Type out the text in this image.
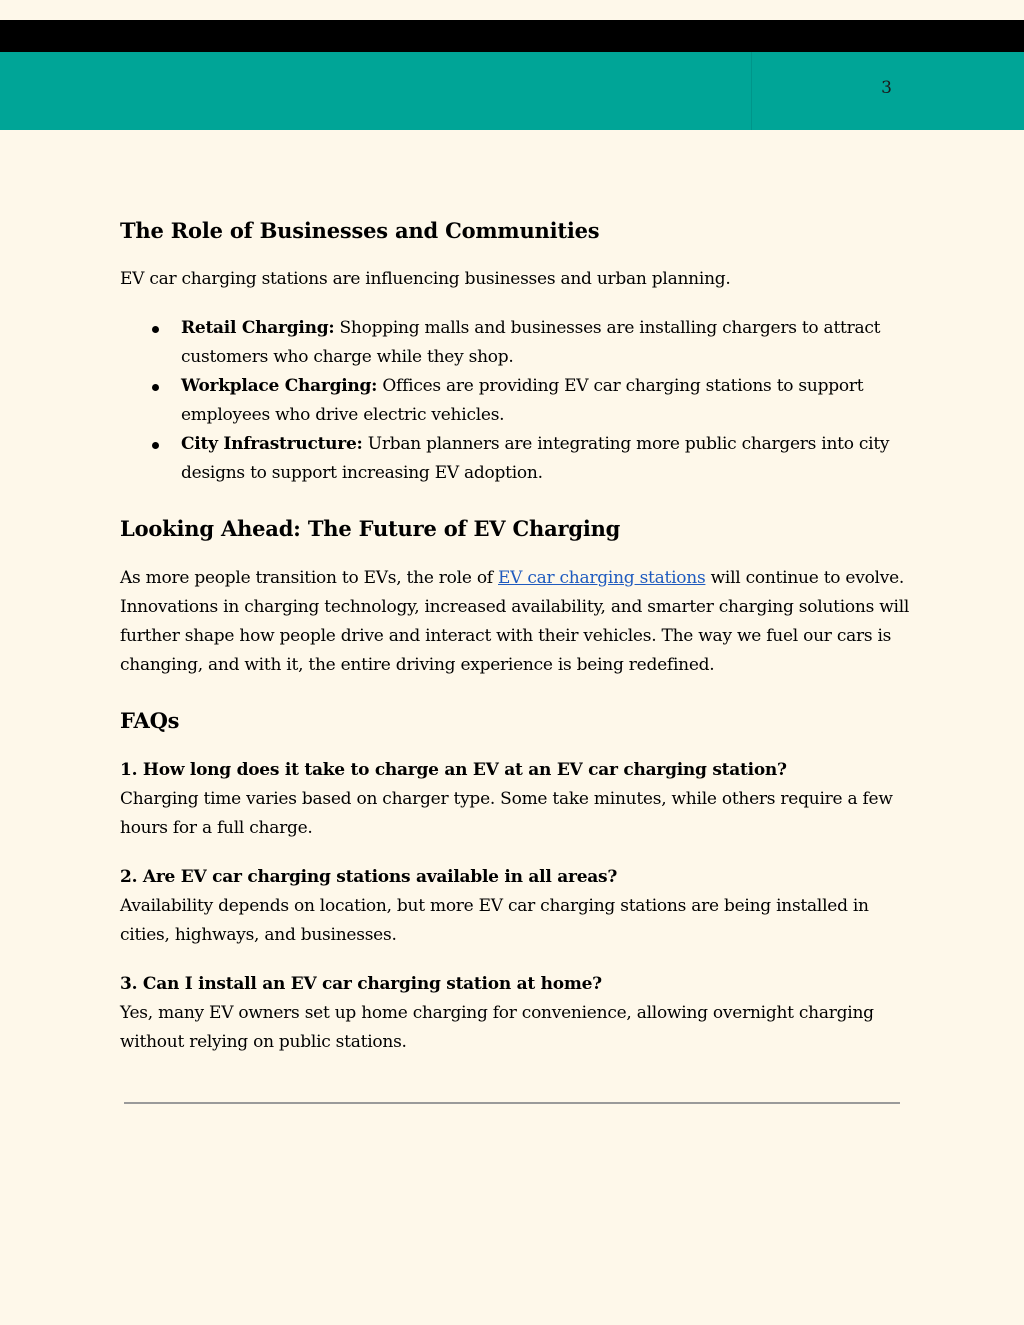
3
The Role of Businesses and Communities

EV car charging stations are influencing businesses and urban planning.

Retail Charging: Shopping malls and businesses are installing chargers to attract customers who charge while they shop.
Workplace Charging: Offices are providing EV car charging stations to support employees who drive electric vehicles.
City Infrastructure: Urban planners are integrating more public chargers into city designs to support increasing EV adoption.
Looking Ahead: The Future of EV Charging

As more people transition to EVs, the role of EV car charging stations will continue to evolve. Innovations in charging technology, increased availability, and smarter charging solutions will further shape how people drive and interact with their vehicles. The way we fuel our cars is changing, and with it, the entire driving experience is being redefined.

FAQs

1. How long does it take to charge an EV at an EV car charging station?
Charging time varies based on charger type. Some take minutes, while others require a few hours for a full charge.

2. Are EV car charging stations available in all areas?
Availability depends on location, but more EV car charging stations are being installed in cities, highways, and businesses.

3. Can I install an EV car charging station at home?
Yes, many EV owners set up home charging for convenience, allowing overnight charging without relying on public stations.
